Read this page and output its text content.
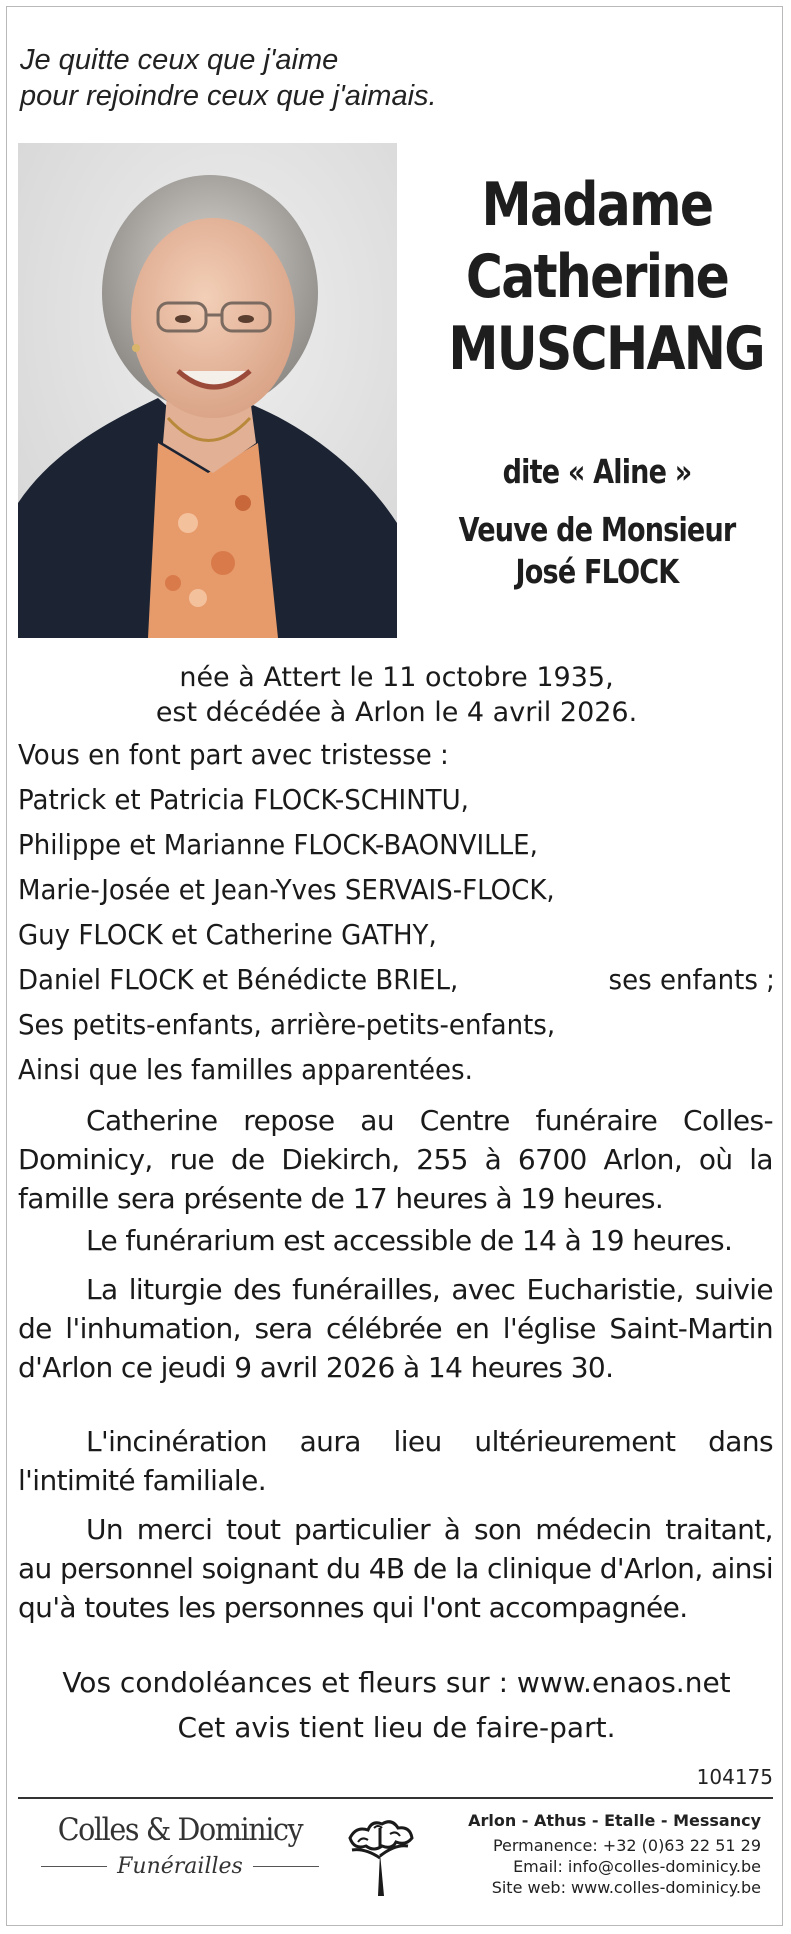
Je quitte ceux que j'aime
pour rejoindre ceux que j'aimais.
Madame
Catherine
MUSCHANG
dite « Aline »
Veuve de Monsieur
José FLOCK
née à Attert le 11 octobre 1935,
est décédée à Arlon le 4 avril 2026.
Vous en font part avec tristesse :
Patrick et Patricia FLOCK-SCHINTU,
Philippe et Marianne FLOCK-BAONVILLE,
Marie-Josée et Jean-Yves SERVAIS-FLOCK,
Guy FLOCK et Catherine GATHY,
Daniel FLOCK et Bénédicte BRIEL,	ses enfants ;
Ses petits-enfants, arrière-petits-enfants,
Ainsi que les familles apparentées.
Catherine repose au Centre funéraire Colles-Dominicy, rue de Diekirch, 255 à 6700 Arlon, où la famille sera présente de 17 heures à 19 heures.
Le funérarium est accessible de 14 à 19 heures.
La liturgie des funérailles, avec Eucharistie, suivie de l'inhumation, sera célébrée en l'église Saint-Martin d'Arlon ce jeudi 9 avril 2026 à 14 heures 30.
L'incinération aura lieu ultérieurement dans l'intimité familiale.
Un merci tout particulier à son médecin traitant, au personnel soignant du 4B de la clinique d'Arlon, ainsi qu'à toutes les personnes qui l'ont accompagnée.
Vos condoléances et fleurs sur : www.enaos.net
Cet avis tient lieu de faire-part.
104175
Colles & Dominicy
Funérailles
Arlon - Athus - Etalle - Messancy
Permanence: +32 (0)63 22 51 29
Email: info@colles-dominicy.be
Site web: www.colles-dominicy.be
